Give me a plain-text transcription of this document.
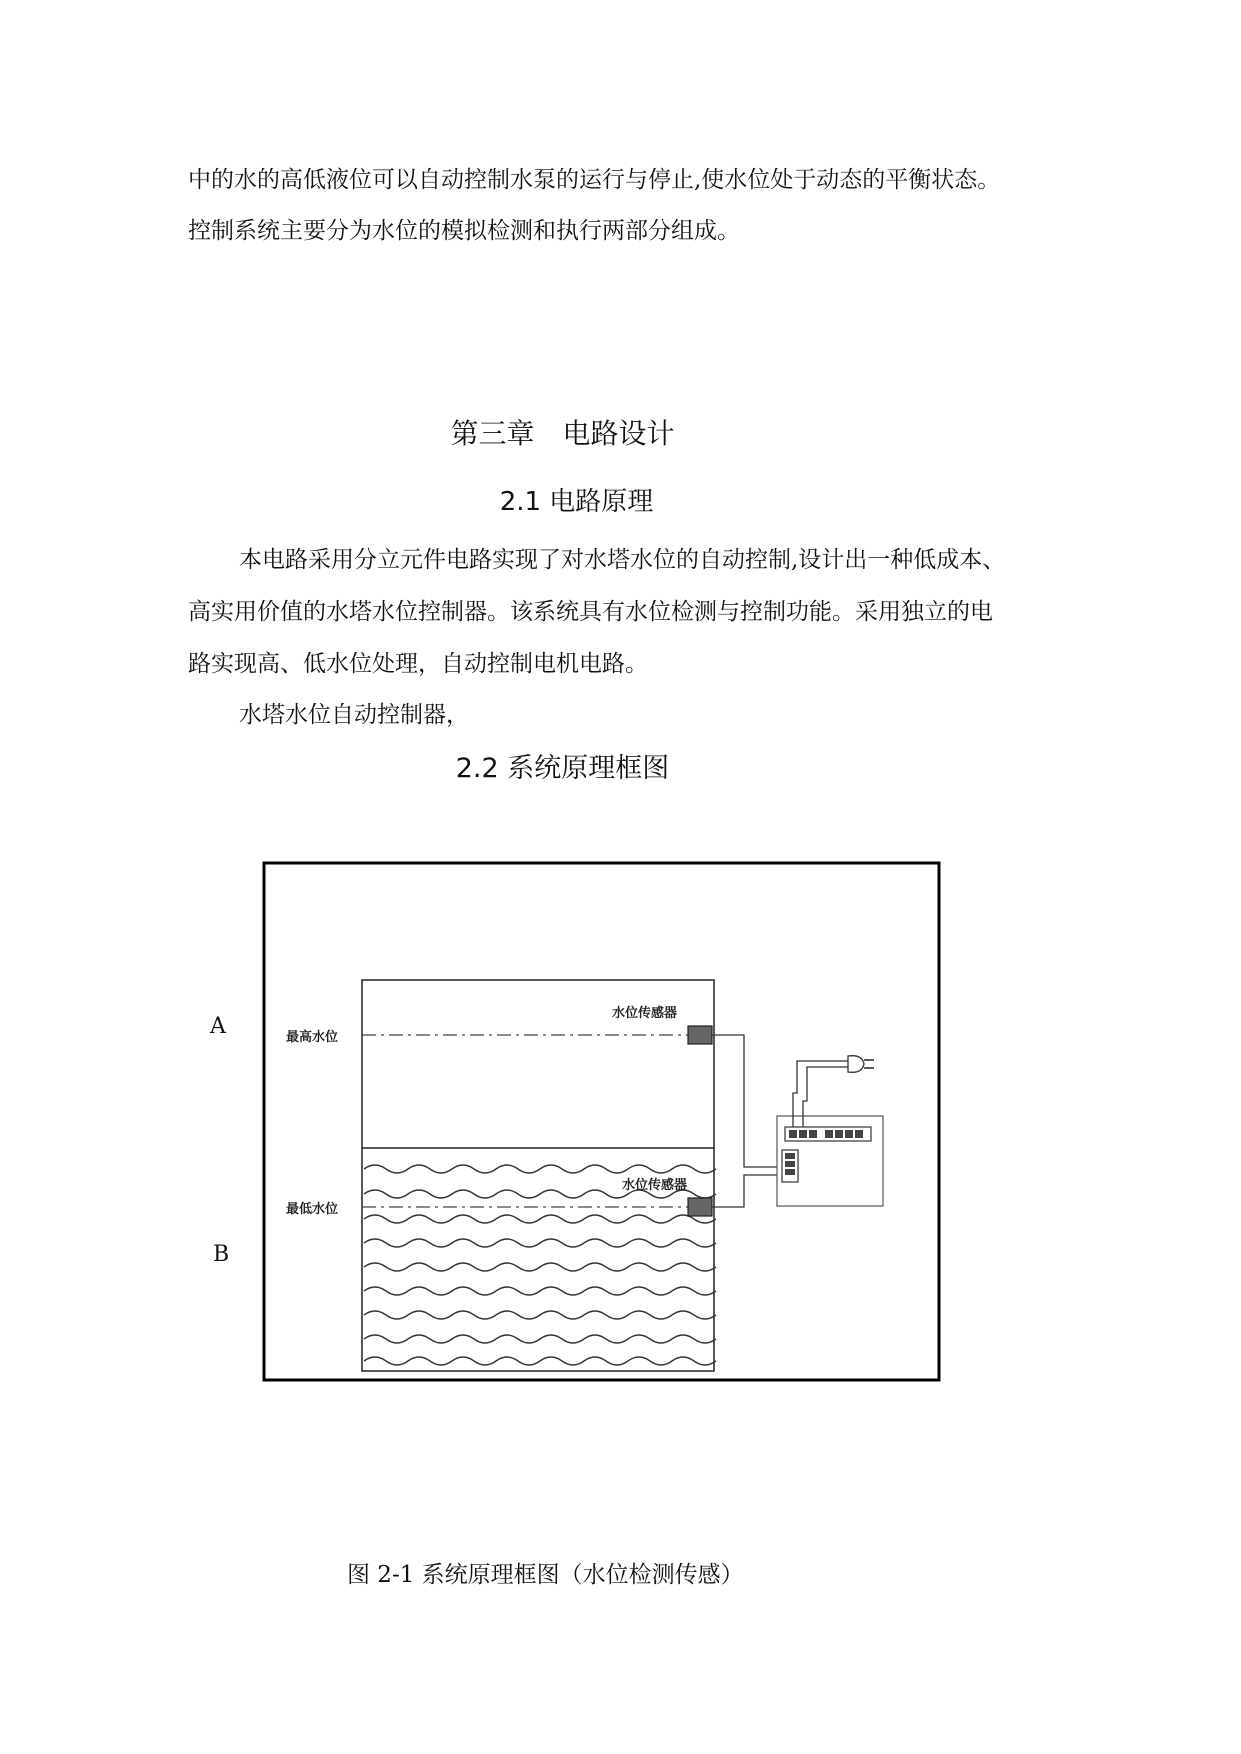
中的水的高低液位可以自动控制水泵的运行与停止,使水位处于动态的平衡状态。

控制系统主要分为水位的模拟检测和执行两部分组成。

第三章　电路设计
2.1 电路原理

本电路采用分立元件电路实现了对水塔水位的自动控制,设计出一种低成本、

高实用价值的水塔水位控制器。该系统具有水位检测与控制功能。采用独立的电

路实现高、低水位处理，自动控制电机电路。

水塔水位自动控制器，

2.2 系统原理框图
A
B
最高水位
最低水位
水位传感器
水位传感器

图 2-1 系统原理框图（水位检测传感）
